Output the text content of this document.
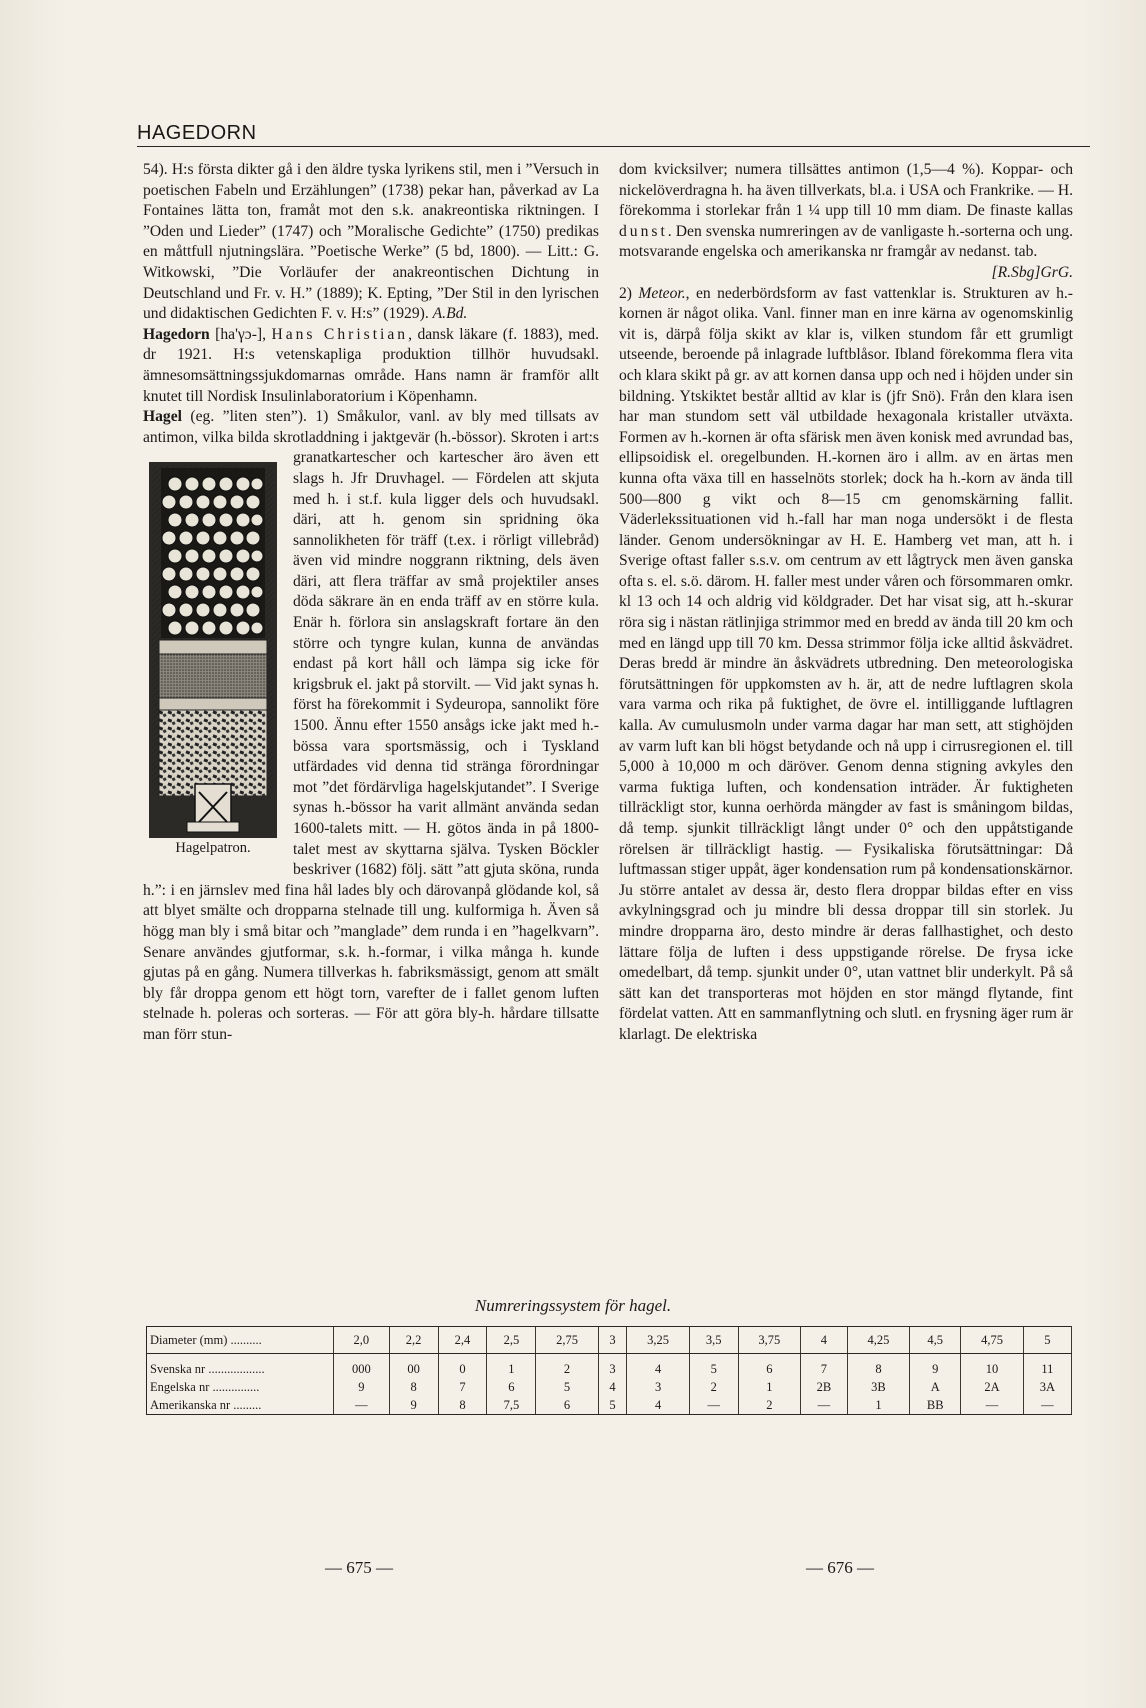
HAGEDORN

54). H:s första dikter gå i den äldre tyska lyrikens stil, men i ”Versuch in poetischen Fabeln und Erzählungen” (1738) pekar han, påverkad av La Fontaines lätta ton, framåt mot den s.k. anakreontiska riktningen. I ”Oden und Lieder” (1747) och ”Moralische Gedichte” (1750) predikas en måttfull njutningslära. ”Poetische Werke” (5 bd, 1800). — Litt.: G. Witkowski, ”Die Vorläufer der anakreontischen Dichtung in Deutschland und Fr. v. H.” (1889); K. Epting, ”Der Stil in den lyrischen und didaktischen Gedichten F. v. H:s” (1929). A.Bd.

Hagedorn [ha'γɔ-], Hans Christian, dansk läkare (f. 1883), med. dr 1921. H:s vetenskapliga produktion tillhör huvudsakl. ämnesomsättningssjukdomarnas område. Hans namn är framför allt knutet till Nordisk Insulinlaboratorium i Köpenhamn.

Hagel (eg. ”liten sten”). 1) Småkulor, vanl. av bly med tillsats av antimon, vilka bilda skrotladdning i jaktgevär (h.-bössor). Skroten i art:s
Hagelpatron.
granatkartescher och kartescher äro även ett slags h. Jfr Druvhagel. — Fördelen att skjuta med h. i st.f. kula ligger dels och huvudsakl. däri, att h. genom sin spridning öka sannolikheten för träff (t.ex. i rörligt villebråd) även vid mindre noggrann riktning, dels även däri, att flera träffar av små projektiler anses döda säkrare än en enda träff av en större kula. Enär h. förlora sin anslagskraft fortare än den större och tyngre kulan, kunna de användas endast på kort håll och lämpa sig icke för krigsbruk el. jakt på storvilt. — Vid jakt synas h. först ha förekommit i Sydeuropa, sannolikt före 1500. Ännu efter 1550 ansågs icke jakt med h.-bössa vara sportsmässig, och i Tyskland utfärdades vid denna tid stränga förordningar mot ”det fördärvliga hagelskjutandet”. I Sverige synas h.-bössor ha varit allmänt använda sedan 1600-talets mitt. — H. götos ända in på 1800-talet mest av skyttarna själva. Tysken Böckler beskriver (1682) följ. sätt ”att gjuta sköna, runda h.”: i en järnslev med fina hål lades bly och därovanpå glödande kol, så att blyet smälte och dropparna stelnade till ung. kulformiga h. Även så högg man bly i små bitar och ”manglade” dem runda i en ”hagelkvarn”. Senare användes gjutformar, s.k. h.-formar, i vilka många h. kunde gjutas på en gång. Numera tillverkas h. fabriksmässigt, genom att smält bly får droppa genom ett högt torn, varefter de i fallet genom luften stelnade h. poleras och sorteras. — För att göra bly-h. hårdare tillsatte man förr stun-

dom kvicksilver; numera tillsättes antimon (1,5—4 %). Koppar- och nickelöverdragna h. ha även tillverkats, bl.a. i USA och Frankrike. — H. förekomma i storlekar från 1 ¼ upp till 10 mm diam. De finaste kallas dunst. Den svenska numreringen av de vanligaste h.-sorterna och ung. motsvarande engelska och amerikanska nr framgår av nedanst. tab.
[R.Sbg]GrG.

2) Meteor., en nederbördsform av fast vattenklar is. Strukturen av h.-kornen är något olika. Vanl. finner man en inre kärna av ogenomskinlig vit is, därpå följa skikt av klar is, vilken stundom får ett grumligt utseende, beroende på inlagrade luftblåsor. Ibland förekomma flera vita och klara skikt på gr. av att kornen dansa upp och ned i höjden under sin bildning. Ytskiktet består alltid av klar is (jfr Snö). Från den klara isen har man stundom sett väl utbildade hexagonala kristaller utväxta. Formen av h.-kornen är ofta sfärisk men även konisk med avrundad bas, ellipsoidisk el. oregelbunden. H.-kornen äro i allm. av en ärtas men kunna ofta växa till en hasselnöts storlek; dock ha h.-korn av ända till 500—800 g vikt och 8—15 cm genomskärning fallit. Väderlekssituationen vid h.-fall har man noga undersökt i de flesta länder. Genom undersökningar av H. E. Hamberg vet man, att h. i Sverige oftast faller s.s.v. om centrum av ett lågtryck men även ganska ofta s. el. s.ö. därom. H. faller mest under våren och försommaren omkr. kl 13 och 14 och aldrig vid köldgrader. Det har visat sig, att h.-skurar röra sig i nästan rätlinjiga strimmor med en bredd av ända till 20 km och med en längd upp till 70 km. Dessa strimmor följa icke alltid åskvädret. Deras bredd är mindre än åskvädrets utbredning. Den meteorologiska förutsättningen för uppkomsten av h. är, att de nedre luftlagren skola vara varma och rika på fuktighet, de övre el. intilliggande luftlagren kalla. Av cumulusmoln under varma dagar har man sett, att stighöjden av varm luft kan bli högst betydande och nå upp i cirrusregionen el. till 5,000 à 10,000 m och däröver. Genom denna stigning avkyles den varma fuktiga luften, och kondensation inträder. Är fuktigheten tillräckligt stor, kunna oerhörda mängder av fast is småningom bildas, då temp. sjunkit tillräckligt långt under 0° och den uppåtstigande rörelsen är tillräckligt hastig. — Fysikaliska förutsättningar: Då luftmassan stiger uppåt, äger kondensation rum på kondensationskärnor. Ju större antalet av dessa är, desto flera droppar bildas efter en viss avkylningsgrad och ju mindre bli dessa droppar till sin storlek. Ju mindre dropparna äro, desto mindre är deras fallhastighet, och desto lättare följa de luften i dess uppstigande rörelse. De frysa icke omedelbart, då temp. sjunkit under 0°, utan vattnet blir underkylt. På så sätt kan det transporteras mot höjden en stor mängd flytande, fint fördelat vatten. Att en sammanflytning och slutl. en frysning äger rum är klarlagt. De elektriska

Numreringssystem för hagel.
Diameter (mm) ..........	2,0	2,2	2,4	2,5	2,75	3	3,25	3,5	3,75	4	4,25	4,5	4,75	5
Svenska nr ..................	000	00	0	1	2	3	4	5	6	7	8	9	10	11
Engelska nr ...............	9	8	7	6	5	4	3	2	1	2B	3B	A	2A	3A
Amerikanska nr .........	—	9	8	7,5	6	5	4	—	2	—	1	BB	—	—
— 675 —	— 676 —
